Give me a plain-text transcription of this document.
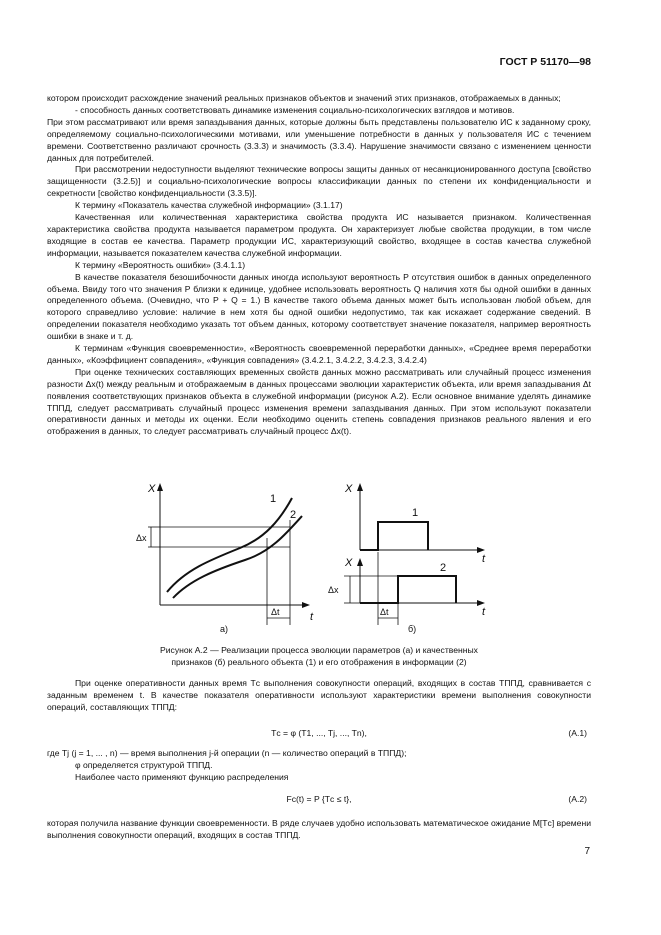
ГОСТ Р 51170—98

котором происходит расхождение значений реальных признаков объектов и значений этих признаков, отображаемых в данных;

- способность данных соответствовать динамике изменения социально-психологических взглядов и мотивов.

При этом рассматривают или время запаздывания данных, которые должны быть представлены пользователю ИС к заданному сроку, определяемому социально-психологическими мотивами, или уменьшение потребности в данных у пользователя ИС с течением времени. Соответственно различают срочность (3.3.3) и значимость (3.3.4). Нарушение значимости связано с изменением ценности данных для потребителей.

При рассмотрении недоступности выделяют технические вопросы защиты данных от несанкционированного доступа [свойство защищенности (3.2.5)] и социально-психологические вопросы классификации данных по степени их конфиденциальности и секретности [свойство конфиденциальности (3.3.5)].

К термину «Показатель качества служебной информации» (3.1.17)

Качественная или количественная характеристика свойства продукта ИС называется признаком. Количественная характеристика свойства продукта называется параметром продукта. Он характеризует любые свойства продукции, в том числе входящие в состав ее качества. Параметр продукции ИС, характеризующий свойство, входящее в состав качества служебной информации, называется показателем качества служебной информации.

К термину «Вероятность ошибки» (3.4.1.1)

В качестве показателя безошибочности данных иногда используют вероятность P отсутствия ошибок в данных определенного объема. Ввиду того что значения P близки к единице, удобнее использовать вероятность Q наличия хотя бы одной ошибки в данных определенного объема. (Очевидно, что P + Q = 1.) В качестве такого объема данных может быть использован любой объем, для которого справедливо условие: наличие в нем хотя бы одной ошибки недопустимо, так как искажает содержание сведений. В определении показателя необходимо указать тот объем данных, которому соответствует значение показателя, например вероятность ошибки в знаке и т. д.

К терминам «Функция своевременности», «Вероятность своевременной переработки данных», «Среднее время переработки данных», «Коэффициент совпадения», «Функция совпадения» (3.4.2.1, 3.4.2.2, 3.4.2.3, 3.4.2.4)

При оценке технических составляющих временных свойств данных можно рассматривать или случайный процесс изменения разности Δx(t) между реальным и отображаемым в данных процессами эволюции характеристик объекта, или время запаздывания Δt появления соответствующих признаков объекта в служебной информации (рисунок А.2). Если основное внимание уделять динамике ТППД, следует рассматривать случайный процесс изменения времени запаздывания данных. При этом используют показатели оперативности данных и методы их оценки. Если необходимо оценить степень совпадения признаков реального явления и его отображения в данных, то следует рассматривать случайный процесс Δx(t).

X
t
1
2
Δx
Δt
а)
X
t
1
X
t
2
Δx
Δt
б)
Рисунок А.2 — Реализации процесса эволюции параметров (а) и качественных
признаков (б) реального объекта (1) и его отображения в информации (2)

При оценке оперативности данных время Tс выполнения совокупности операций, входящих в состав ТППД, сравнивается с заданным временем t. В качестве показателя оперативности используют характеристики времени выполнения совокупности операций, составляющих ТППД:

Tс = φ (T1, ..., Tj, ..., Tn),	(А.1)

где Tj (j = 1, ... , n) — время выполнения j-й операции (n — количество операций в ТППД);

φ определяется структурой ТППД.

Наиболее часто применяют функцию распределения

Fс(t) = P {Tс ≤ t},	(А.2)

которая получила название функции своевременности. В ряде случаев удобно использовать математическое ожидание M[Tс] времени выполнения совокупности операций, входящих в состав ТППД.

7
